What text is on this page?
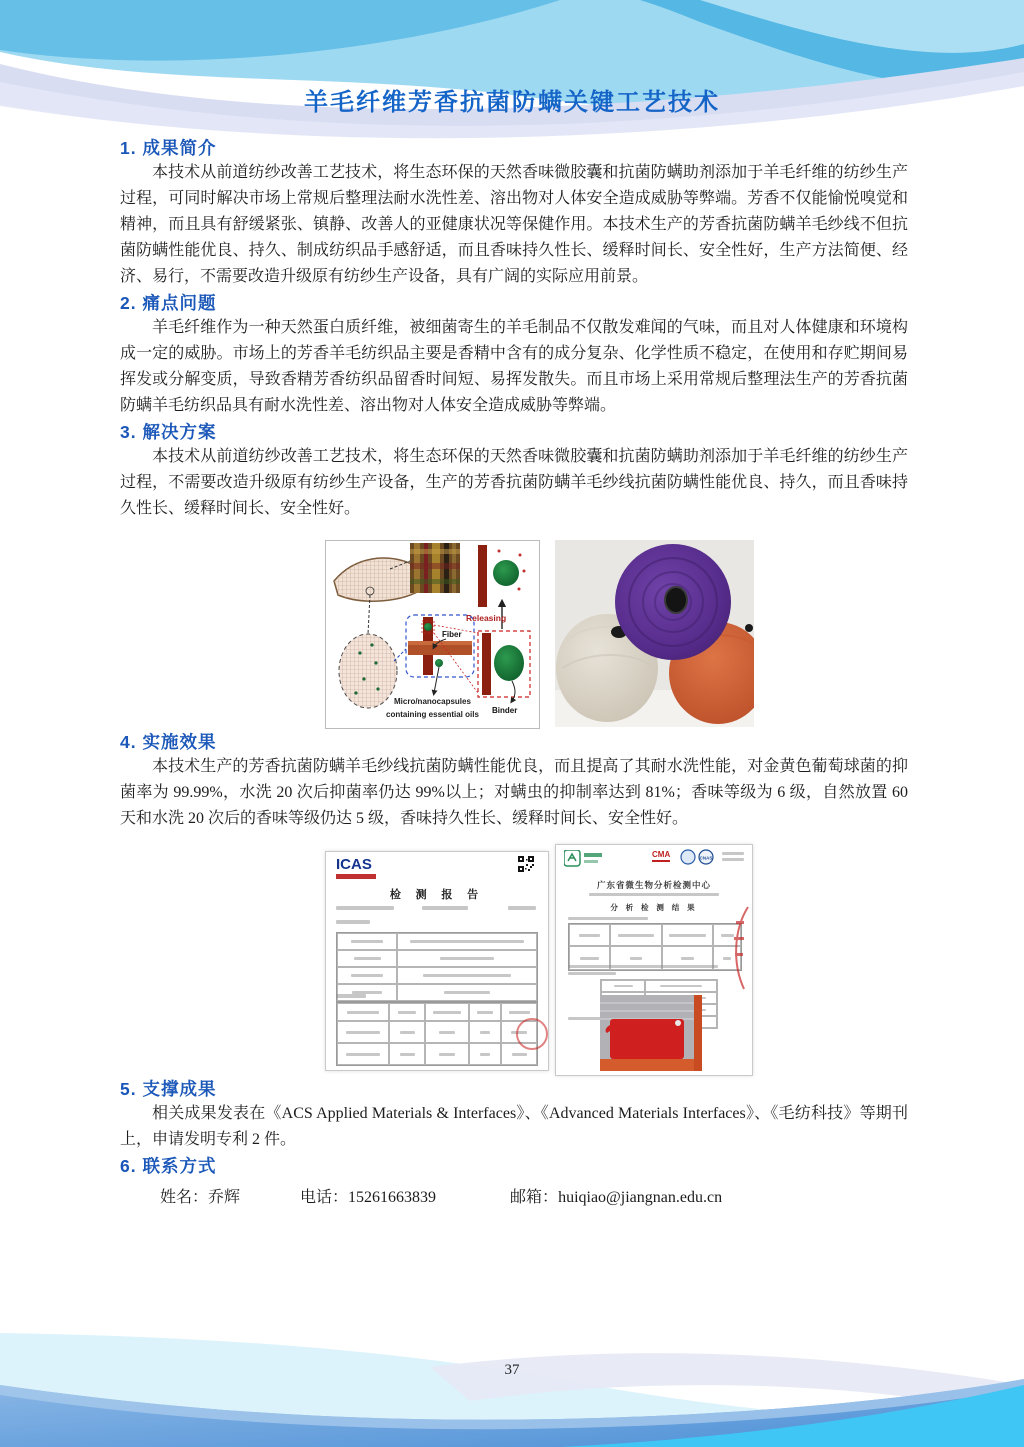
羊毛纤维芳香抗菌防螨关键工艺技术
1. 成果简介

本技术从前道纺纱改善工艺技术，将生态环保的天然香味微胶囊和抗菌防螨助剂添加于羊毛纤维的纺纱生产过程，可同时解决市场上常规后整理法耐水洗性差、溶出物对人体安全造成威胁等弊端。芳香不仅能愉悦嗅觉和精神，而且具有舒缓紧张、镇静、改善人的亚健康状况等保健作用。本技术生产的芳香抗菌防螨羊毛纱线不但抗菌防螨性能优良、持久、制成纺织品手感舒适，而且香味持久性长、缓释时间长、安全性好，生产方法简便、经济、易行，不需要改造升级原有纺纱生产设备，具有广阔的实际应用前景。

2. 痛点问题

羊毛纤维作为一种天然蛋白质纤维，被细菌寄生的羊毛制品不仅散发难闻的气味，而且对人体健康和环境构成一定的威胁。市场上的芳香羊毛纺织品主要是香精中含有的成分复杂、化学性质不稳定，在使用和存贮期间易挥发或分解变质，导致香精芳香纺织品留香时间短、易挥发散失。而且市场上采用常规后整理法生产的芳香抗菌防螨羊毛纺织品具有耐水洗性差、溶出物对人体安全造成威胁等弊端。

3. 解决方案

本技术从前道纺纱改善工艺技术，将生态环保的天然香味微胶囊和抗菌防螨助剂添加于羊毛纤维的纺纱生产过程，不需要改造升级原有纺纱生产设备，生产的芳香抗菌防螨羊毛纱线抗菌防螨性能优良、持久，而且香味持久性长、缓释时间长、安全性好。

Releasing
Fiber
Binder
Micro/nanocapsules
containing essential oils
4. 实施效果

本技术生产的芳香抗菌防螨羊毛纱线抗菌防螨性能优良，而且提高了其耐水洗性能，对金黄色葡萄球菌的抑菌率为 99.99%，水洗 20 次后抑菌率仍达 99%以上；对螨虫的抑制率达到 81%；香味等级为 6 级，自然放置 60 天和水洗 20 次后的香味等级仍达 5 级，香味持久性长、缓释时间长、安全性好。

ICAS
检 测 报 告
CMA	CNAS
广东省微生物分析检测中心
分 析 检 测 结 果
5. 支撑成果

相关成果发表在《ACS Applied Materials & Interfaces》、《Advanced Materials Interfaces》、《毛纺科技》等期刊上，申请发明专利 2 件。

6. 联系方式
姓名：乔辉	电话：15261663839	邮箱：huiqiao@jiangnan.edu.cn
37
